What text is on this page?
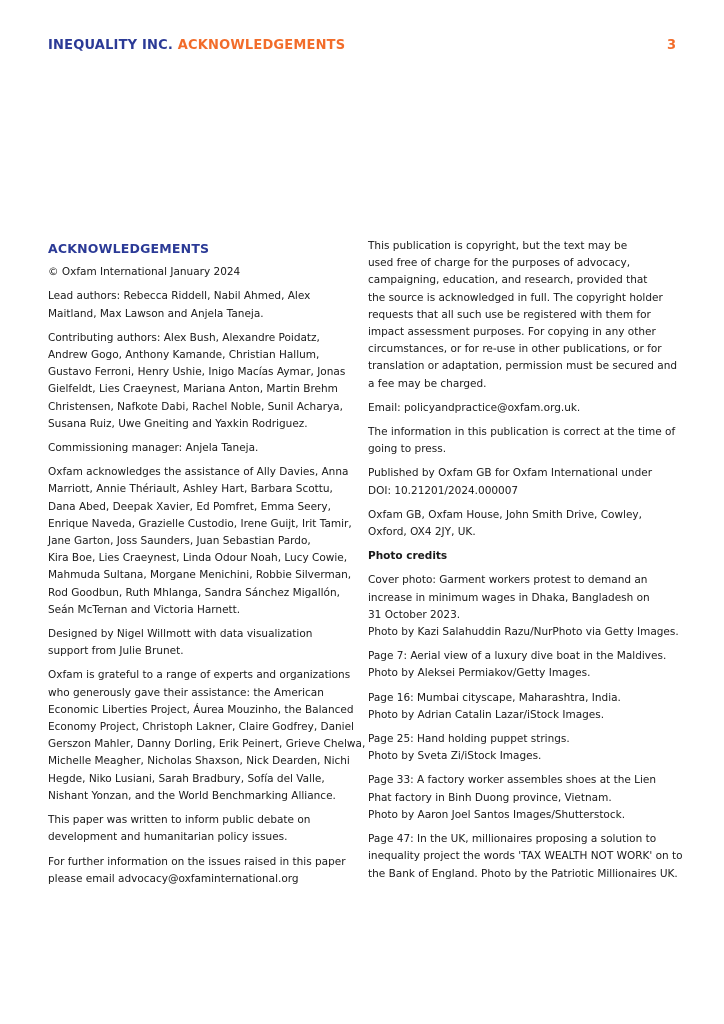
INEQUALITY INC. ACKNOWLEDGEMENTS	3
ACKNOWLEDGEMENTS

© Oxfam International January 2024

Lead authors: Rebecca Riddell, Nabil Ahmed, Alex
Maitland, Max Lawson and Anjela Taneja.

Contributing authors: Alex Bush, Alexandre Poidatz,
Andrew Gogo, Anthony Kamande, Christian Hallum,
Gustavo Ferroni, Henry Ushie, Inigo Macías Aymar, Jonas
Gielfeldt, Lies Craeynest, Mariana Anton, Martin Brehm
Christensen, Nafkote Dabi, Rachel Noble, Sunil Acharya,
Susana Ruiz, Uwe Gneiting and Yaxkin Rodriguez.

Commissioning manager: Anjela Taneja.

Oxfam acknowledges the assistance of Ally Davies, Anna
Marriott, Annie Thériault, Ashley Hart, Barbara Scottu,
Dana Abed, Deepak Xavier, Ed Pomfret, Emma Seery,
Enrique Naveda, Grazielle Custodio, Irene Guijt, Irit Tamir,
Jane Garton, Joss Saunders, Juan Sebastian Pardo,
Kira Boe, Lies Craeynest, Linda Odour Noah, Lucy Cowie,
Mahmuda Sultana, Morgane Menichini, Robbie Silverman,
Rod Goodbun, Ruth Mhlanga, Sandra Sánchez Migallón,
Seán McTernan and Victoria Harnett.

Designed by Nigel Willmott with data visualization
support from Julie Brunet.

Oxfam is grateful to a range of experts and organizations
who generously gave their assistance: the American
Economic Liberties Project, Áurea Mouzinho, the Balanced
Economy Project, Christoph Lakner, Claire Godfrey, Daniel
Gerszon Mahler, Danny Dorling, Erik Peinert, Grieve Chelwa,
Michelle Meagher, Nicholas Shaxson, Nick Dearden, Nichi
Hegde, Niko Lusiani, Sarah Bradbury, Sofía del Valle,
Nishant Yonzan, and the World Benchmarking Alliance.

This paper was written to inform public debate on
development and humanitarian policy issues.

For further information on the issues raised in this paper
please email advocacy@oxfaminternational.org

This publication is copyright, but the text may be
used free of charge for the purposes of advocacy,
campaigning, education, and research, provided that
the source is acknowledged in full. The copyright holder
requests that all such use be registered with them for
impact assessment purposes. For copying in any other
circumstances, or for re-use in other publications, or for
translation or adaptation, permission must be secured and
a fee may be charged.

Email: policyandpractice@oxfam.org.uk.

The information in this publication is correct at the time of
going to press.

Published by Oxfam GB for Oxfam International under
DOI: 10.21201/2024.000007

Oxfam GB, Oxfam House, John Smith Drive, Cowley,
Oxford, OX4 2JY, UK.

Photo credits

Cover photo: Garment workers protest to demand an
increase in minimum wages in Dhaka, Bangladesh on
31 October 2023.
Photo by Kazi Salahuddin Razu/NurPhoto via Getty Images.

Page 7: Aerial view of a luxury dive boat in the Maldives.
Photo by Aleksei Permiakov/Getty Images.

Page 16: Mumbai cityscape, Maharashtra, India.
Photo by Adrian Catalin Lazar/iStock Images.

Page 25: Hand holding puppet strings.
Photo by Sveta Zi/iStock Images.

Page 33: A factory worker assembles shoes at the Lien
Phat factory in Binh Duong province, Vietnam.
Photo by Aaron Joel Santos Images/Shutterstock.

Page 47: In the UK, millionaires proposing a solution to
inequality project the words 'TAX WEALTH NOT WORK' on to
the Bank of England. Photo by the Patriotic Millionaires UK.
